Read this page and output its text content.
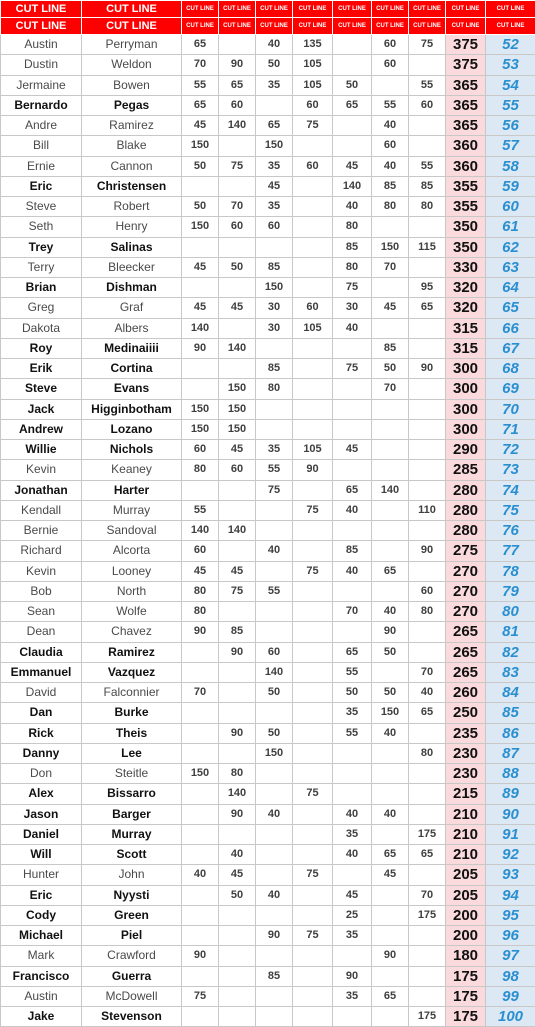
CUT LINE	CUT LINE	CUT LINE	CUT LINE	CUT LINE	CUT LINE	CUT LINE	CUT LINE	CUT LINE	CUT LINE	CUT LINE
CUT LINE	CUT LINE	CUT LINE	CUT LINE	CUT LINE	CUT LINE	CUT LINE	CUT LINE	CUT LINE	CUT LINE	CUT LINE
Austin	Perryman	65		40	135		60	75	375	52
Dustin	Weldon	70	90	50	105		60		375	53
Jermaine	Bowen	55	65	35	105	50		55	365	54
Bernardo	Pegas	65	60		60	65	55	60	365	55
Andre	Ramirez	45	140	65	75		40		365	56
Bill	Blake	150		150			60		360	57
Ernie	Cannon	50	75	35	60	45	40	55	360	58
Eric	Christensen			45		140	85	85	355	59
Steve	Robert	50	70	35		40	80	80	355	60
Seth	Henry	150	60	60		80			350	61
Trey	Salinas					85	150	115	350	62
Terry	Bleecker	45	50	85		80	70		330	63
Brian	Dishman			150		75		95	320	64
Greg	Graf	45	45	30	60	30	45	65	320	65
Dakota	Albers	140		30	105	40			315	66
Roy	Medinaiiii	90	140				85		315	67
Erik	Cortina			85		75	50	90	300	68
Steve	Evans		150	80			70		300	69
Jack	Higginbotham	150	150						300	70
Andrew	Lozano	150	150						300	71
Willie	Nichols	60	45	35	105	45			290	72
Kevin	Keaney	80	60	55	90				285	73
Jonathan	Harter			75		65	140		280	74
Kendall	Murray	55			75	40		110	280	75
Bernie	Sandoval	140	140						280	76
Richard	Alcorta	60		40		85		90	275	77
Kevin	Looney	45	45		75	40	65		270	78
Bob	North	80	75	55				60	270	79
Sean	Wolfe	80				70	40	80	270	80
Dean	Chavez	90	85				90		265	81
Claudia	Ramirez		90	60		65	50		265	82
Emmanuel	Vazquez			140		55		70	265	83
David	Falconnier	70		50		50	50	40	260	84
Dan	Burke					35	150	65	250	85
Rick	Theis		90	50		55	40		235	86
Danny	Lee			150				80	230	87
Don	Steitle	150	80						230	88
Alex	Bissarro		140		75				215	89
Jason	Barger		90	40		40	40		210	90
Daniel	Murray					35		175	210	91
Will	Scott		40			40	65	65	210	92
Hunter	John	40	45		75		45		205	93
Eric	Nyysti		50	40		45		70	205	94
Cody	Green					25		175	200	95
Michael	Piel			90	75	35			200	96
Mark	Crawford	90					90		180	97
Francisco	Guerra			85		90			175	98
Austin	McDowell	75				35	65		175	99
Jake	Stevenson							175	175	100
